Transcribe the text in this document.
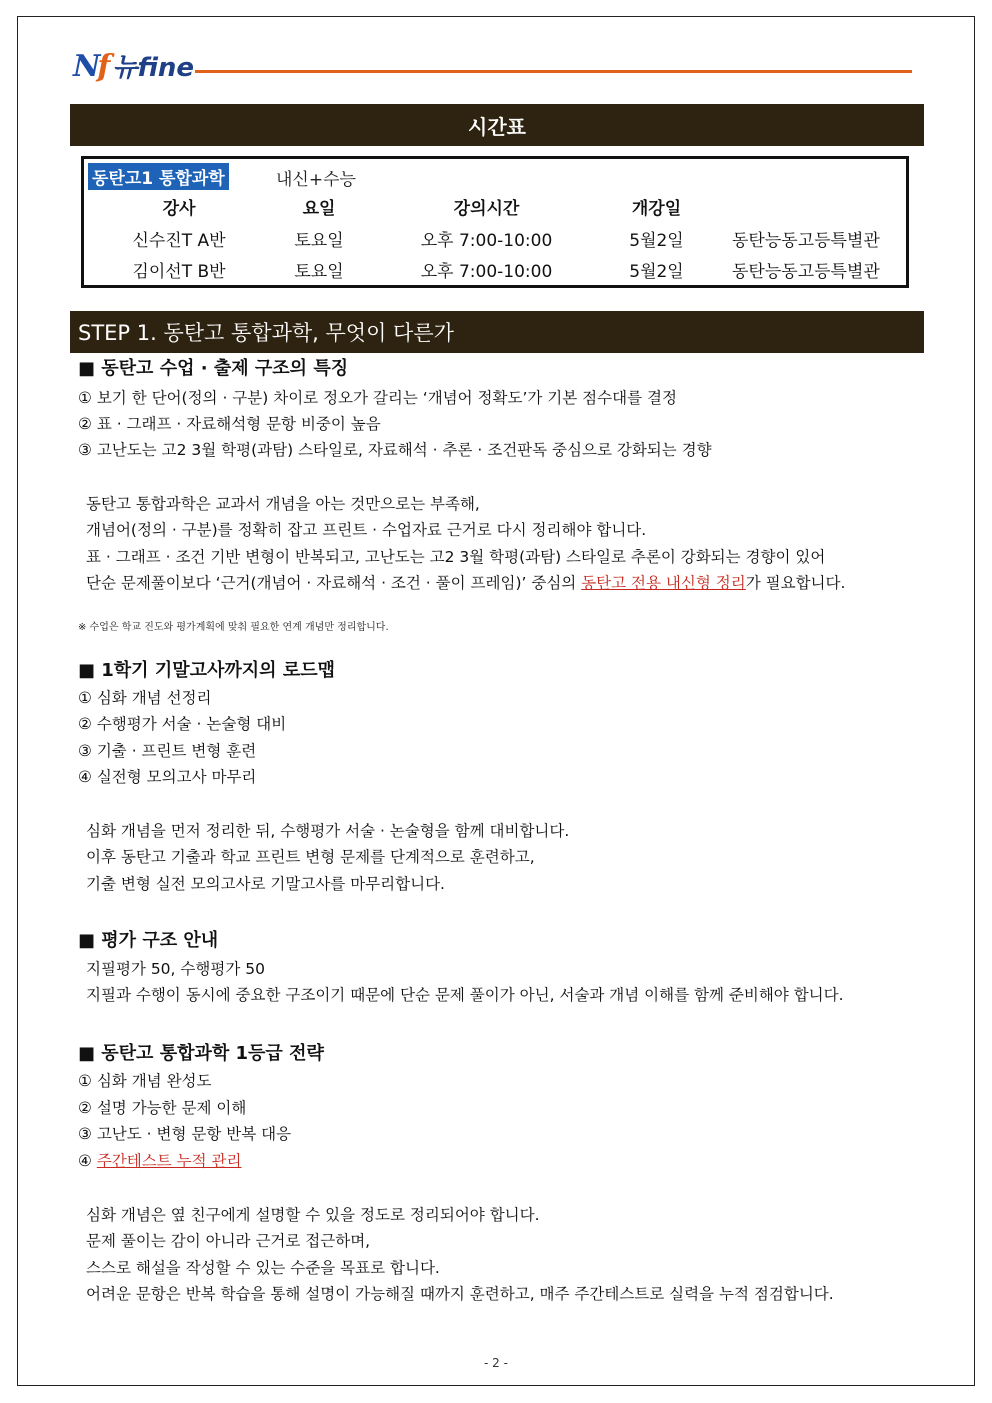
Nf 뉴fine
시간표
동탄고1 통합과학	내신+수능
강사	요일	강의시간	개강일
신수진T A반	토요일	오후 7:00-10:00	5월2일	동탄능동고등특별관
김이선T B반	토요일	오후 7:00-10:00	5월2일	동탄능동고등특별관
STEP 1. 동탄고 통합과학, 무엇이 다른가
■ 동탄고 수업 · 출제 구조의 특징
① 보기 한 단어(정의 · 구분) 차이로 정오가 갈리는 ‘개념어 정확도’가 기본 점수대를 결정
② 표 · 그래프 · 자료해석형 문항 비중이 높음
③ 고난도는 고2 3월 학평(과탐) 스타일로, 자료해석 · 추론 · 조건판독 중심으로 강화되는 경향
동탄고 통합과학은 교과서 개념을 아는 것만으로는 부족해,
개념어(정의 · 구분)를 정확히 잡고 프린트 · 수업자료 근거로 다시 정리해야 합니다.
표 · 그래프 · 조건 기반 변형이 반복되고, 고난도는 고2 3월 학평(과탐) 스타일로 추론이 강화되는 경향이 있어
단순 문제풀이보다 ‘근거(개념어 · 자료해석 · 조건 · 풀이 프레임)’ 중심의 동탄고 전용 내신형 정리가 필요합니다.
※ 수업은 학교 진도와 평가계획에 맞춰 필요한 연계 개념만 정리합니다.
■ 1학기 기말고사까지의 로드맵
① 심화 개념 선정리
② 수행평가 서술 · 논술형 대비
③ 기출 · 프린트 변형 훈련
④ 실전형 모의고사 마무리
심화 개념을 먼저 정리한 뒤, 수행평가 서술 · 논술형을 함께 대비합니다.
이후 동탄고 기출과 학교 프린트 변형 문제를 단계적으로 훈련하고,
기출 변형 실전 모의고사로 기말고사를 마무리합니다.
■ 평가 구조 안내
지필평가 50, 수행평가 50
지필과 수행이 동시에 중요한 구조이기 때문에 단순 문제 풀이가 아닌, 서술과 개념 이해를 함께 준비해야 합니다.
■ 동탄고 통합과학 1등급 전략
① 심화 개념 완성도
② 설명 가능한 문제 이해
③ 고난도 · 변형 문항 반복 대응
④ 주간테스트 누적 관리
심화 개념은 옆 친구에게 설명할 수 있을 정도로 정리되어야 합니다.
문제 풀이는 감이 아니라 근거로 접근하며,
스스로 해설을 작성할 수 있는 수준을 목표로 합니다.
어려운 문항은 반복 학습을 통해 설명이 가능해질 때까지 훈련하고, 매주 주간테스트로 실력을 누적 점검합니다.
- 2 -
